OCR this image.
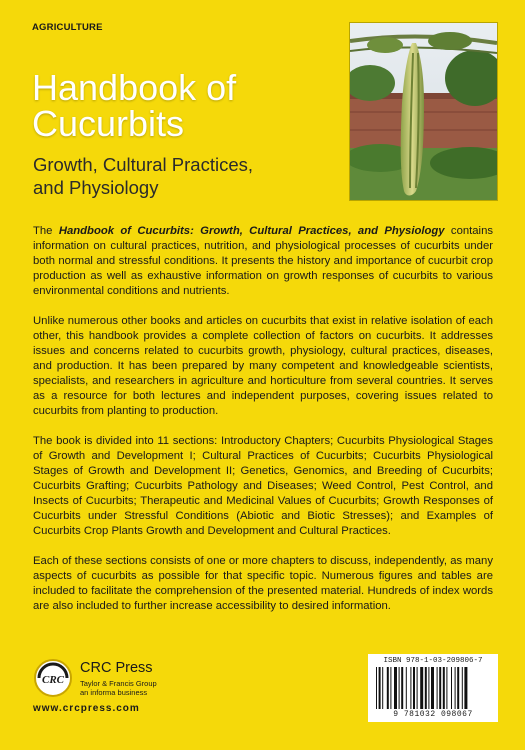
AGRICULTURE
Handbook of
Cucurbits
Growth, Cultural Practices,
and Physiology

The Handbook of Cucurbits: Growth, Cultural Practices, and Physiology contains information on cultural practices, nutrition, and physiological processes of cucurbits under both normal and stressful conditions. It presents the history and importance of cucurbit crop production as well as exhaustive information on growth responses of cucurbits to various environmental conditions and nutrients.

Unlike numerous other books and articles on cucurbits that exist in relative isolation of each other, this handbook provides a complete collection of factors on cucurbits. It addresses issues and concerns related to cucurbits growth, physiology, cultural practices, diseases, and production. It has been prepared by many competent and knowledgeable scientists, specialists, and researchers in agriculture and horticulture from several countries. It serves as a resource for both lectures and independent purposes, covering issues related to cucurbits from planting to production.

The book is divided into 11 sections: Introductory Chapters; Cucurbits Physiological Stages of Growth and Development I; Cultural Practices of Cucurbits; Cucurbits Physiological Stages of Growth and Development II; Genetics, Genomics, and Breeding of Cucurbits; Cucurbits Grafting; Cucurbits Pathology and Diseases; Weed Control, Pest Control, and Insects of Cucurbits; Therapeutic and Medicinal Values of Cucurbits; Growth Responses of Cucurbits under Stressful Conditions (Abiotic and Biotic Stresses); and Examples of Cucurbits Crop Plants Growth and Development and Cultural Practices.

Each of these sections consists of one or more chapters to discuss, independently, as many aspects of cucurbits as possible for that specific topic. Numerous figures and tables are included to facilitate the comprehension of the presented material. Hundreds of index words are also included to further increase accessibility to desired information.

CRC
CRC Press
Taylor & Francis Group
an informa business
www.crcpress.com
ISBN 978-1-03-209806-7
9 781032 098067
